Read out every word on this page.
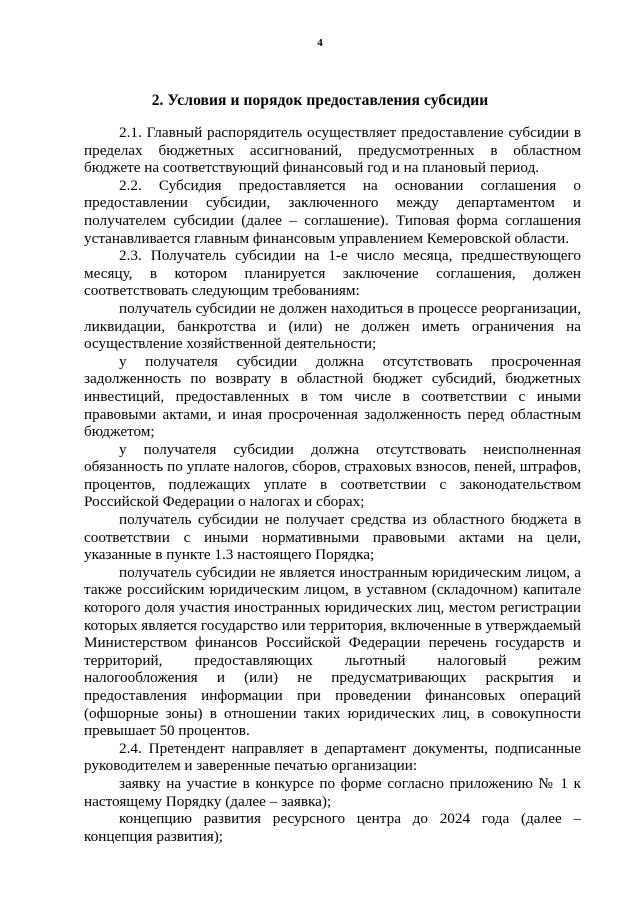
4
2. Условия и порядок предоставления субсидии

2.1. Главный распорядитель осуществляет предоставление субсидии в пределах бюджетных ассигнований, предусмотренных в областном бюджете на соответствующий финансовый год и на плановый период.

2.2. Субсидия предоставляется на основании соглашения о предоставлении субсидии, заключенного между департаментом и получателем субсидии (далее – соглашение). Типовая форма соглашения устанавливается главным финансовым управлением Кемеровской области.

2.3. Получатель субсидии на 1-е число месяца, предшествующего месяцу, в котором планируется заключение соглашения, должен соответствовать следующим требованиям:

получатель субсидии не должен находиться в процессе реорганизации, ликвидации, банкротства и (или) не должен иметь ограничения на осуществление хозяйственной деятельности;

у получателя субсидии должна отсутствовать просроченная задолженность по возврату в областной бюджет субсидий, бюджетных инвестиций, предоставленных в том числе в соответствии с иными правовыми актами, и иная просроченная задолженность перед областным бюджетом;

у получателя субсидии должна отсутствовать неисполненная обязанность по уплате налогов, сборов, страховых взносов, пеней, штрафов, процентов, подлежащих уплате в соответствии с законодательством Российской Федерации о налогах и сборах;

получатель субсидии не получает средства из областного бюджета в соответствии с иными нормативными правовыми актами на цели, указанные в пункте 1.3 настоящего Порядка;

получатель субсидии не является иностранным юридическим лицом, а также российским юридическим лицом, в уставном (складочном) капитале которого доля участия иностранных юридических лиц, местом регистрации которых является государство или территория, включенные в утверждаемый Министерством финансов Российской Федерации перечень государств и территорий, предоставляющих льготный налоговый режим налогообложения и (или) не предусматривающих раскрытия и предоставления информации при проведении финансовых операций (офшорные зоны) в отношении таких юридических лиц, в совокупности превышает 50 процентов.

2.4. Претендент направляет в департамент документы, подписанные руководителем и заверенные печатью организации:

заявку на участие в конкурсе по форме согласно приложению № 1 к настоящему Порядку (далее – заявка);

концепцию развития ресурсного центра до 2024 года (далее – концепция развития);
